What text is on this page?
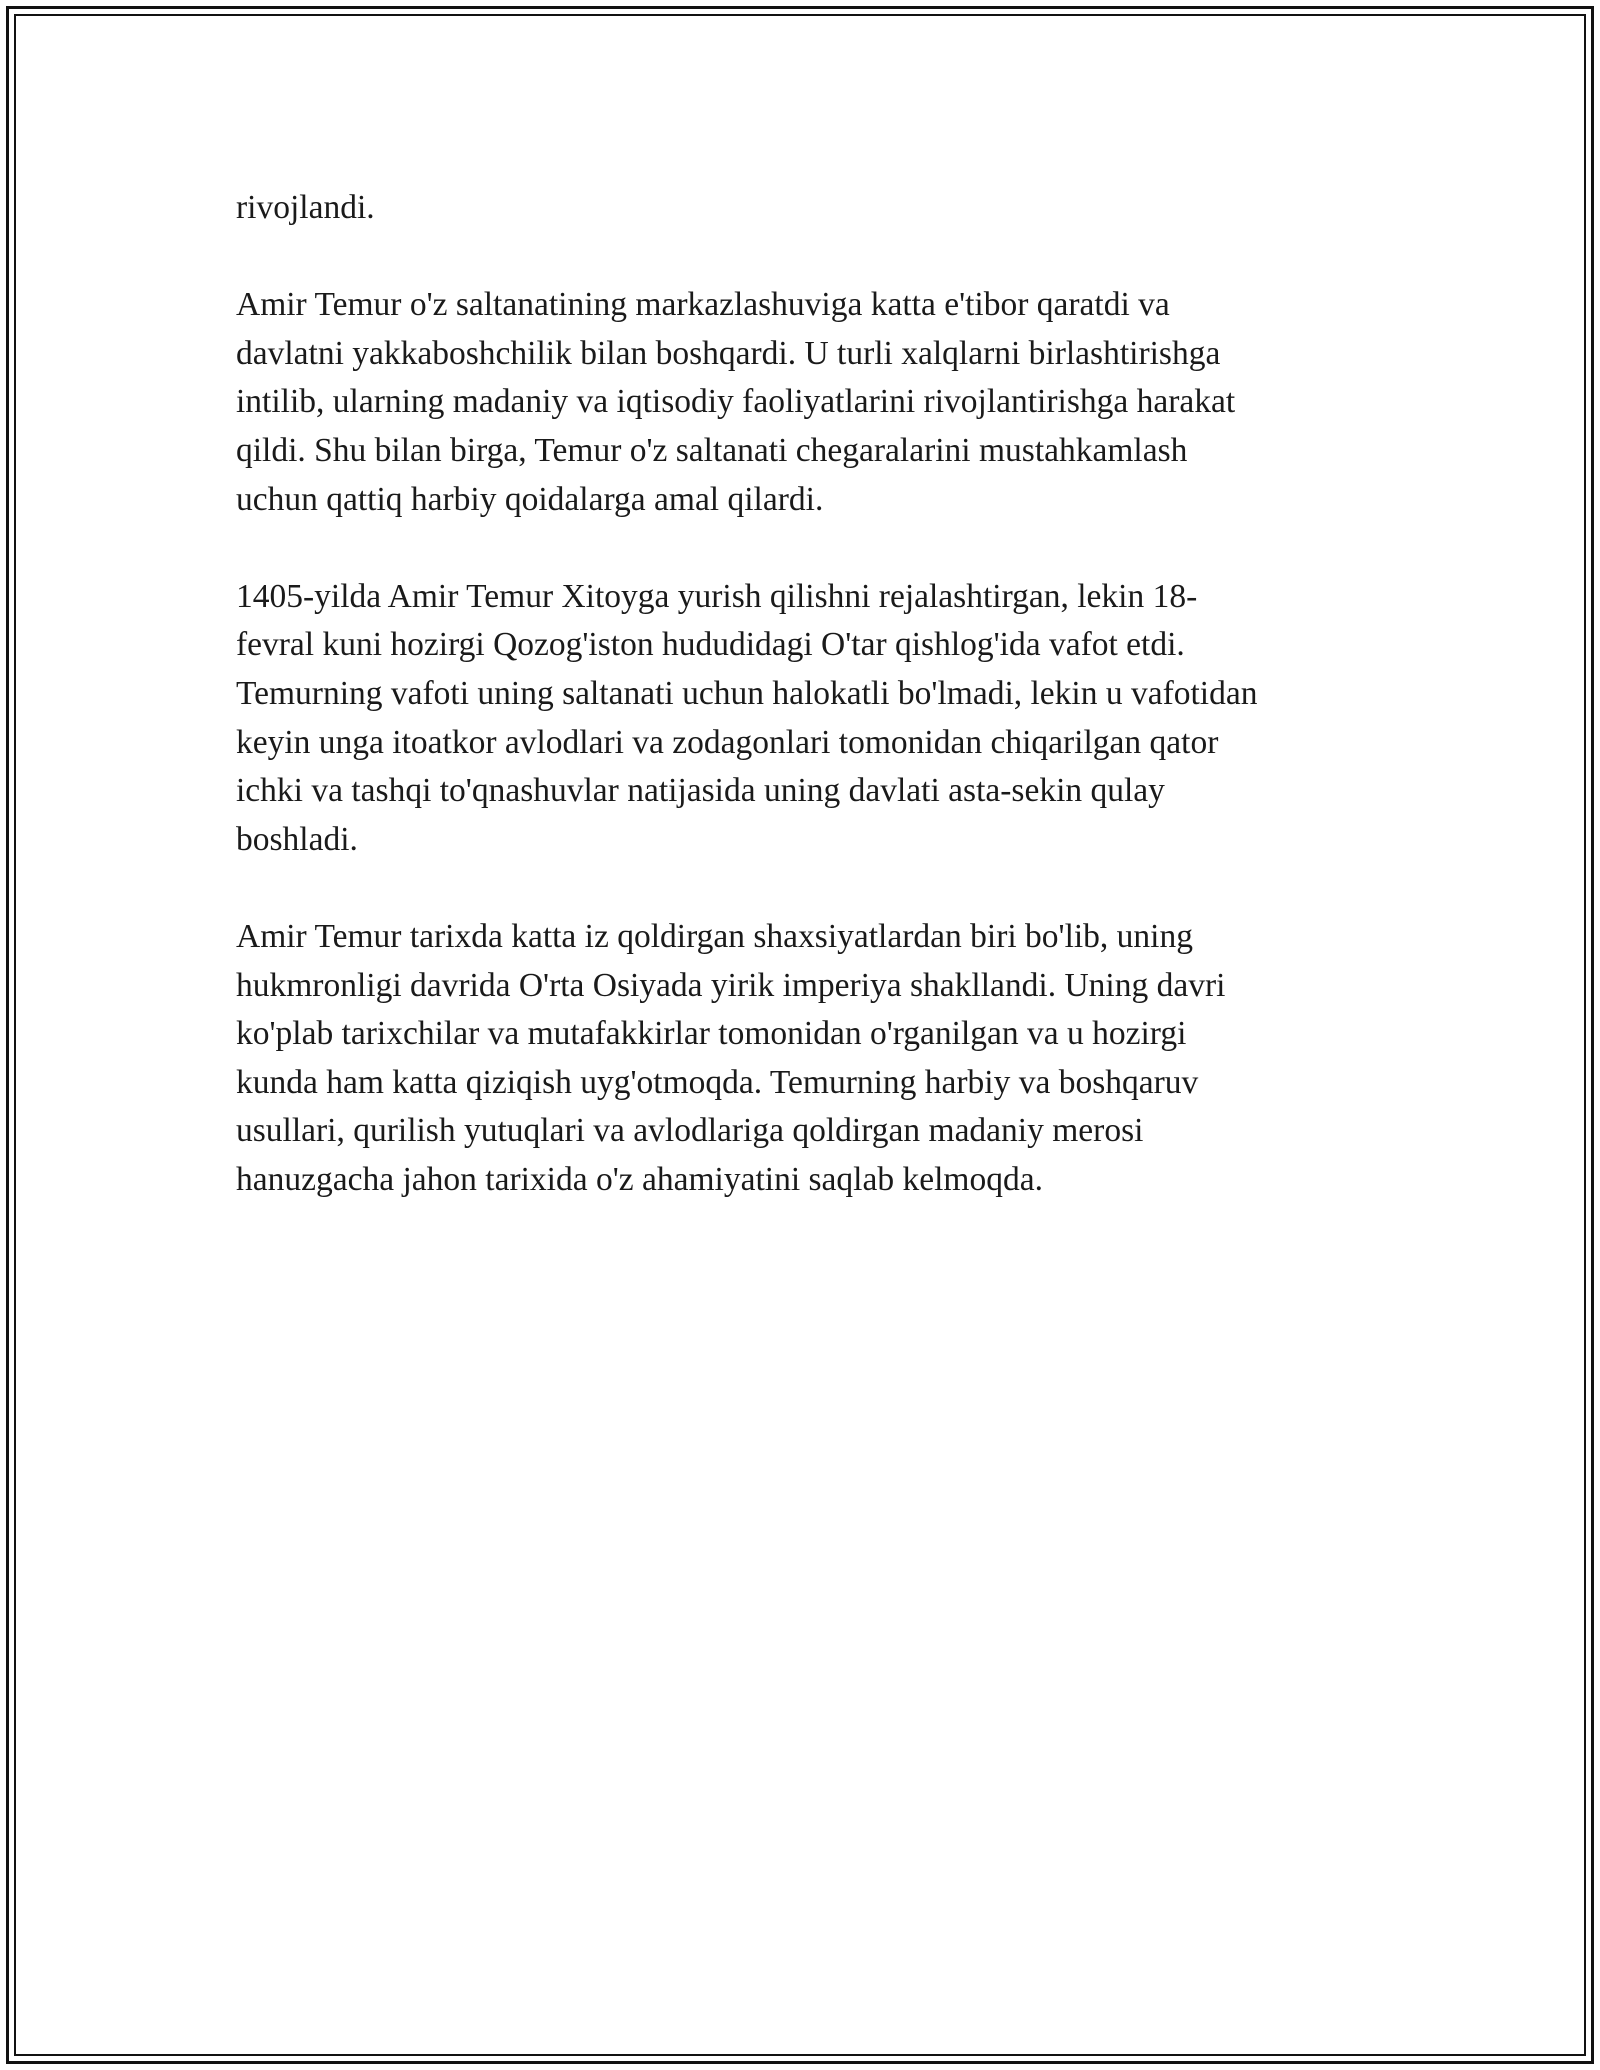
rivojlandi.

Amir Temur o'z saltanatining markazlashuviga katta e'tibor qaratdi va
davlatni yakkaboshchilik bilan boshqardi. U turli xalqlarni birlashtirishga
intilib, ularning madaniy va iqtisodiy faoliyatlarini rivojlantirishga harakat
qildi. Shu bilan birga, Temur o'z saltanati chegaralarini mustahkamlash
uchun qattiq harbiy qoidalarga amal qilardi.

1405-yilda Amir Temur Xitoyga yurish qilishni rejalashtirgan, lekin 18-
fevral kuni hozirgi Qozog'iston hududidagi O'tar qishlog'ida vafot etdi.
Temurning vafoti uning saltanati uchun halokatli bo'lmadi, lekin u vafotidan
keyin unga itoatkor avlodlari va zodagonlari tomonidan chiqarilgan qator
ichki va tashqi to'qnashuvlar natijasida uning davlati asta-sekin qulay
boshladi.

Amir Temur tarixda katta iz qoldirgan shaxsiyatlardan biri bo'lib, uning
hukmronligi davrida O'rta Osiyada yirik imperiya shakllandi. Uning davri
ko'plab tarixchilar va mutafakkirlar tomonidan o'rganilgan va u hozirgi
kunda ham katta qiziqish uyg'otmoqda. Temurning harbiy va boshqaruv
usullari, qurilish yutuqlari va avlodlariga qoldirgan madaniy merosi
hanuzgacha jahon tarixida o'z ahamiyatini saqlab kelmoqda.
